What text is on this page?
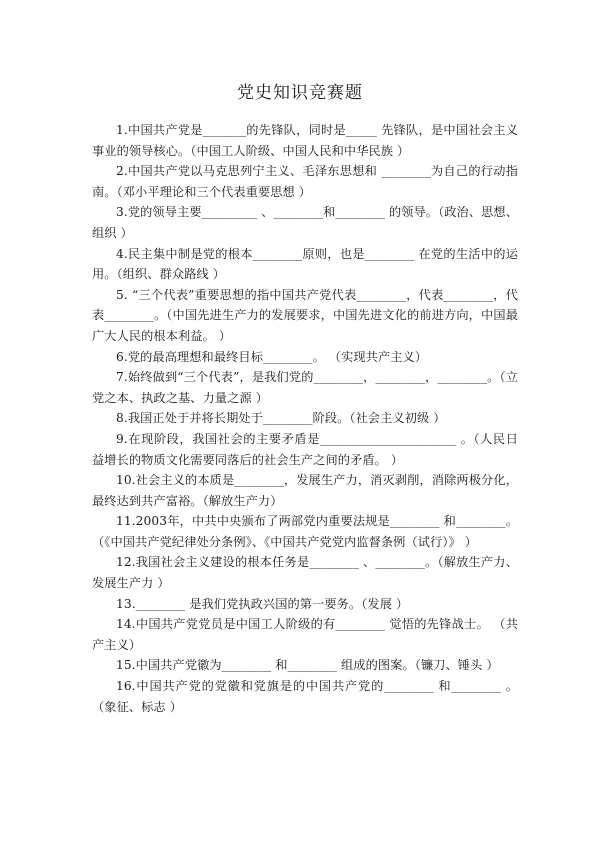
党史知识竞赛题

1.中国共产党是_______的先锋队，同时是_____ 先锋队，是中国社会主义事业的领导核心。（中国工人阶级、中国人民和中华民族 ）

2.中国共产党以马克思列宁主义、毛泽东思想和 ________为自己的行动指南。（邓小平理论和三个代表重要思想 ）

3.党的领导主要_________ 、________和________ 的领导。（政治、思想、组织 ）

4.民主集中制是党的根本________原则，也是________ 在党的生活中的运用。（组织、群众路线 ）

5. “三个代表”重要思想的指中国共产党代表________，代表________，代表________。（中国先进生产力的发展要求，中国先进文化的前进方向，中国最广大人民的根本利益。 ）

6.党的最高理想和最终目标________。 （实现共产主义）

7.始终做到“三个代表”，是我们党的________，________，________。（立党之本、执政之基、力量之源 ）

8.我国正处于并将长期处于________阶段。（社会主义初级 ）

9.在现阶段，我国社会的主要矛盾是______________________ 。（人民日益增长的物质文化需要同落后的社会生产之间的矛盾。 ）

10.社会主义的本质是________，发展生产力，消灭剥削，消除两极分化，最终达到共产富裕。（解放生产力）

11.2003年，中共中央颁布了两部党内重要法规是________ 和________。（《中国共产党纪律处分条例》、《中国共产党党内监督条例（试行）》 ）

12.我国社会主义建设的根本任务是________ 、________。（解放生产力、发展生产力 ）

13.________ 是我们党执政兴国的第一要务。（发展 ）

14.中国共产党党员是中国工人阶级的有________ 觉悟的先锋战士。 （共产主义）

15.中国共产党徽为________ 和________ 组成的图案。（镰刀、锤头 ）

16.中国共产党的党徽和党旗是的中国共产党的________ 和________ 。（象征、标志 ）
